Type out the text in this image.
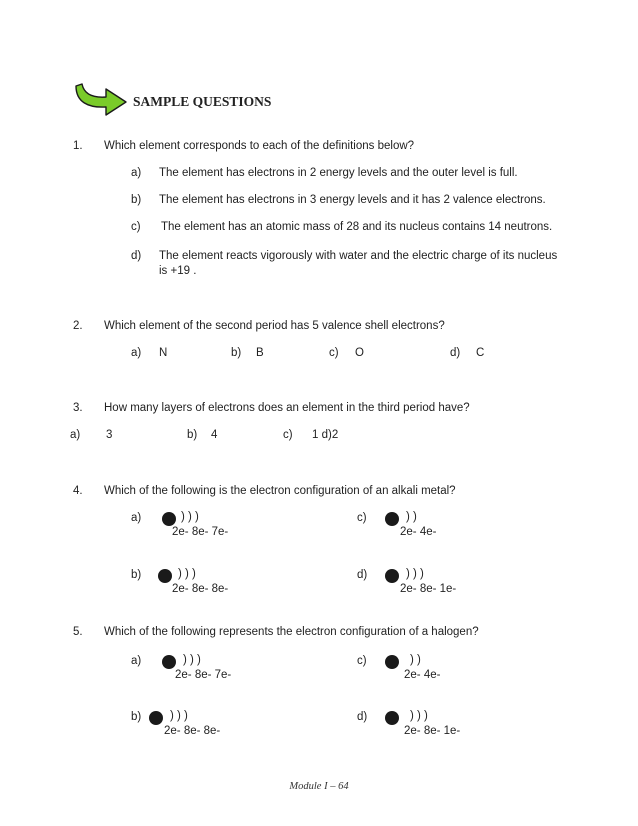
SAMPLE QUESTIONS
1. Which element corresponds to each of the definitions below?
a) The element has electrons in 2 energy levels and the outer level is full.
b) The element has electrons in 3 energy levels and it has 2 valence electrons.
c) The element has an atomic mass of 28 and its nucleus contains 14 neutrons.
d) The element reacts vigorously with water and the electric charge of its nucleus
is +19 .
2. Which element of the second period has 5 valence shell electrons?
a) N	b) B	c) O	d) C
3. How many layers of electrons does an element in the third period have?
a) 3	b) 4	c) 1 d)2
4. Which of the following is the electron configuration of an alkali metal?
a)	) ) )
2e- 8e- 7e-
c)	) )
2e- 4e-
b)	) ) )
2e- 8e- 8e-
d)	) ) )
2e- 8e- 1e-
5. Which of the following represents the electron configuration of a halogen?
a)	) ) )
2e- 8e- 7e-
c)	) )
2e- 4e-
b)	) ) )
2e- 8e- 8e-
d)	) ) )
2e- 8e- 1e-
Module I – 64
